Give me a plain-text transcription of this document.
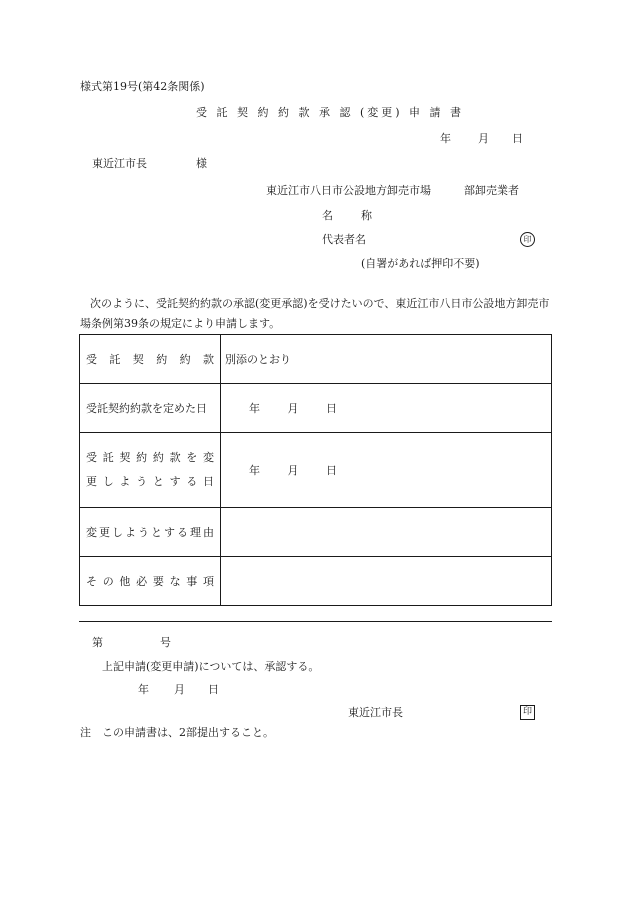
様式第19号(第42条関係)
受 託 契 約 約 款 承 認 (変更) 申 請 書
年 月 日
東近江市長	様
東近江市八日市公設地方卸売市場	部卸売業者
名　　称
代表者名	印
(自署があれば押印不要)
次のように、受託契約約款の承認(変更承認)を受けたいので、東近江市八日市公設地方卸売市場条例第39条の規定により申請します。
受託契約約款	別添のとおり
受託契約約款を定めた日	年 月 日

受託契約約款を変
更しようとする日	年 月 日

変更しようとする理由	

その他必要な事項	

第	号
上記申請(変更申請)については、承認する。
年 月 日
東近江市長	印
注　この申請書は、2部提出すること。
